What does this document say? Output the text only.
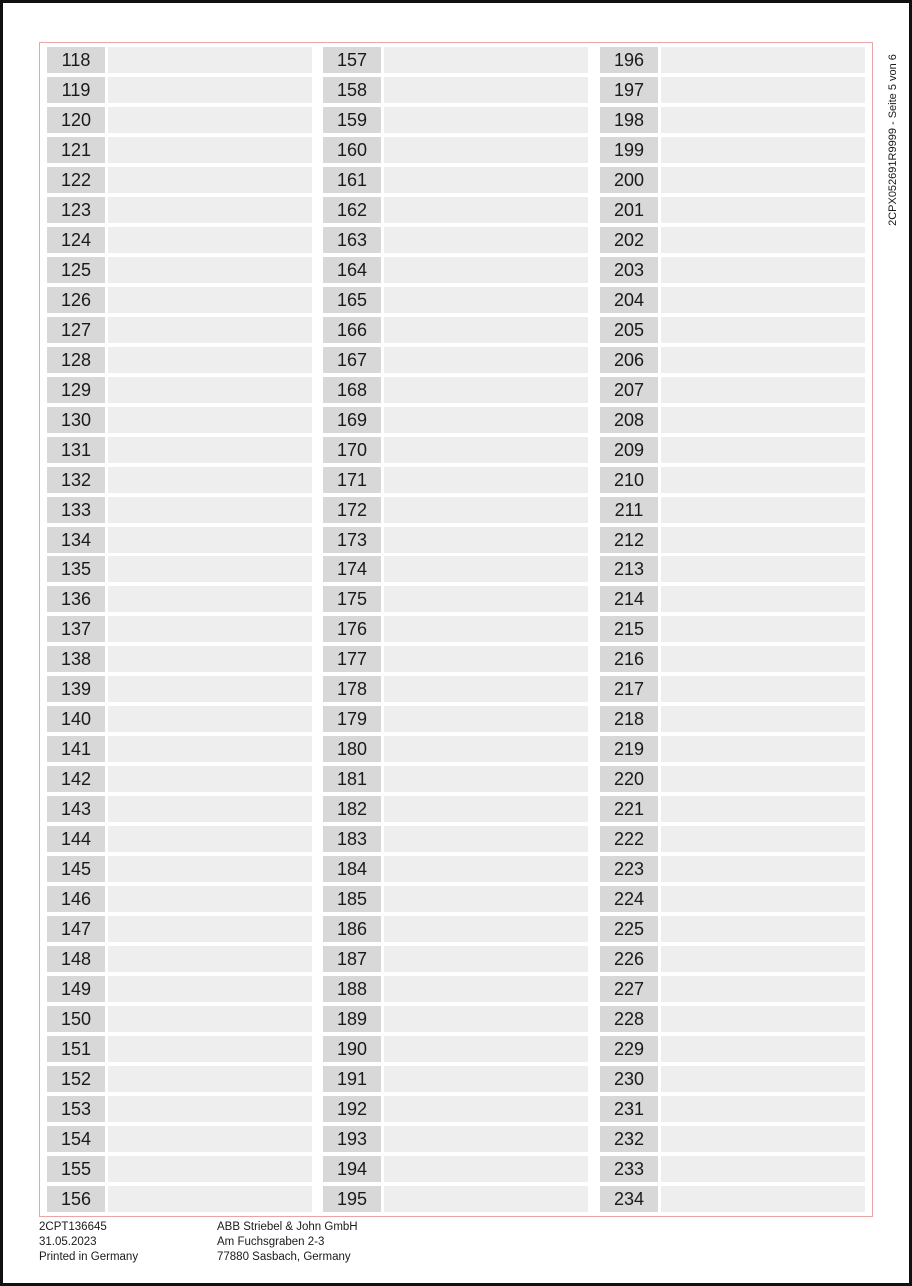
118
119
120
121
122
123
124
125
126
127
128
129
130
131
132
133
134
135
136
137
138
139
140
141
142
143
144
145
146
147
148
149
150
151
152
153
154
155
156
157
158
159
160
161
162
163
164
165
166
167
168
169
170
171
172
173
174
175
176
177
178
179
180
181
182
183
184
185
186
187
188
189
190
191
192
193
194
195
196
197
198
199
200
201
202
203
204
205
206
207
208
209
210
211
212
213
214
215
216
217
218
219
220
221
222
223
224
225
226
227
228
229
230
231
232
233
234
2CPX052691R9999 - Seite 5 von 6
2CPT136645
31.05.2023
Printed in Germany
ABB Striebel & John GmbH
Am Fuchsgraben 2-3
77880 Sasbach, Germany
